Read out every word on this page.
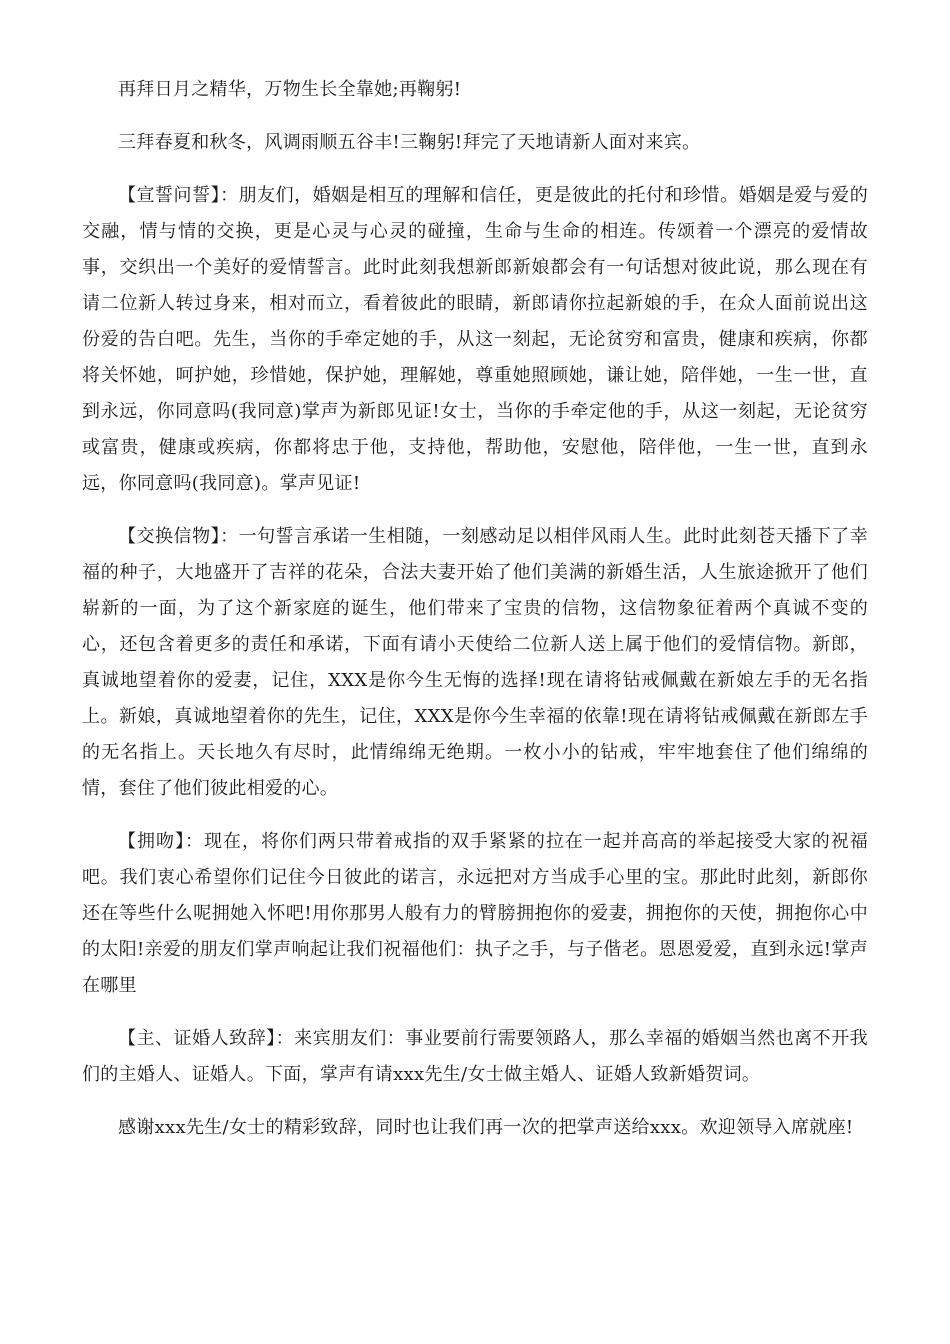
再拜日月之精华，万物生长全靠她;再鞠躬!

三拜春夏和秋冬，风调雨顺五谷丰!三鞠躬!拜完了天地请新人面对来宾。

【宣誓问誓】：朋友们，婚姻是相互的理解和信任，更是彼此的托付和珍惜。婚姻是爱与爱的交融，情与情的交换，更是心灵与心灵的碰撞，生命与生命的相连。传颂着一个漂亮的爱情故事，交织出一个美好的爱情誓言。此时此刻我想新郎新娘都会有一句话想对彼此说，那么现在有请二位新人转过身来，相对而立，看着彼此的眼睛，新郎请你拉起新娘的手，在众人面前说出这份爱的告白吧。先生，当你的手牵定她的手，从这一刻起，无论贫穷和富贵，健康和疾病，你都将关怀她，呵护她，珍惜她，保护她，理解她，尊重她照顾她，谦让她，陪伴她，一生一世，直到永远，你同意吗(我同意)掌声为新郎见证!女士，当你的手牵定他的手，从这一刻起，无论贫穷或富贵，健康或疾病，你都将忠于他，支持他，帮助他，安慰他，陪伴他，一生一世，直到永远，你同意吗(我同意)。掌声见证!

【交换信物】：一句誓言承诺一生相随，一刻感动足以相伴风雨人生。此时此刻苍天播下了幸福的种子，大地盛开了吉祥的花朵，合法夫妻开始了他们美满的新婚生活，人生旅途掀开了他们崭新的一面，为了这个新家庭的诞生，他们带来了宝贵的信物，这信物象征着两个真诚不变的心，还包含着更多的责任和承诺，下面有请小天使给二位新人送上属于他们的爱情信物。新郎，真诚地望着你的爱妻，记住，XXX是你今生无悔的选择!现在请将钻戒佩戴在新娘左手的无名指上。新娘，真诚地望着你的先生，记住，XXX是你今生幸福的依靠!现在请将钻戒佩戴在新郎左手的无名指上。天长地久有尽时，此情绵绵无绝期。一枚小小的钻戒，牢牢地套住了他们绵绵的情，套住了他们彼此相爱的心。

【拥吻】：现在，将你们两只带着戒指的双手紧紧的拉在一起并高高的举起接受大家的祝福吧。我们衷心希望你们记住今日彼此的诺言，永远把对方当成手心里的宝。那此时此刻，新郎你还在等些什么呢拥她入怀吧!用你那男人般有力的臂膀拥抱你的爱妻，拥抱你的天使，拥抱你心中的太阳!亲爱的朋友们掌声响起让我们祝福他们：执子之手，与子偕老。恩恩爱爱，直到永远!掌声在哪里

【主、证婚人致辞】：来宾朋友们：事业要前行需要领路人，那么幸福的婚姻当然也离不开我们的主婚人、证婚人。下面，掌声有请xxx先生/女士做主婚人、证婚人致新婚贺词。

感谢xxx先生/女士的精彩致辞，同时也让我们再一次的把掌声送给xxx。欢迎领导入席就座!
